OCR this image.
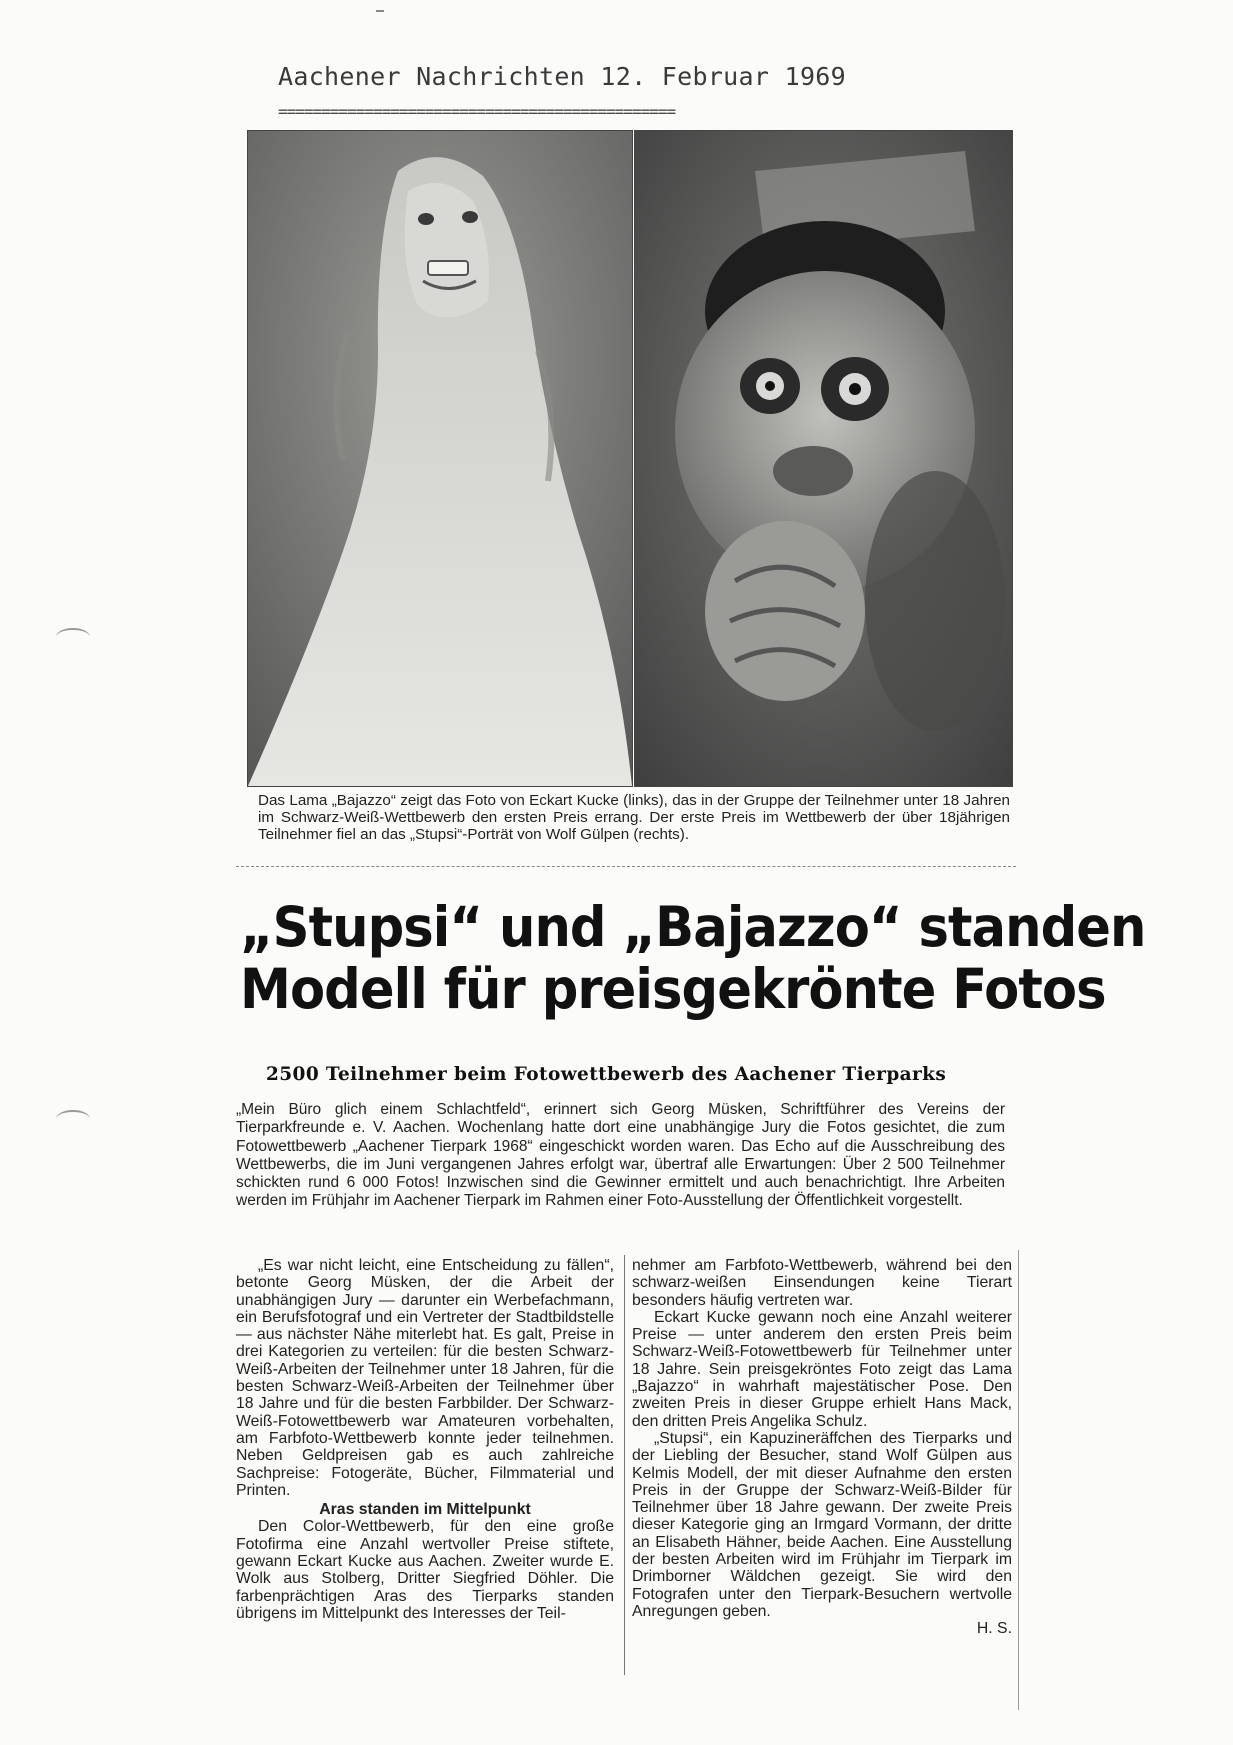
Aachener Nachrichten 12. Februar 1969
==============================================
Das Lama „Bajazzo“ zeigt das Foto von Eckart Kucke (links), das in der Gruppe der Teilnehmer unter 18 Jahren im Schwarz-Weiß-Wettbewerb den ersten Preis errang. Der erste Preis im Wettbewerb der über 18jährigen Teilnehmer fiel an das „Stupsi“-Porträt von Wolf Gülpen (rechts).
„Stupsi“ und „Bajazzo“ standen
Modell für preisgekrönte Fotos
2500 Teilnehmer beim Fotowettbewerb des Aachener Tierparks
„Mein Büro glich einem Schlachtfeld“, erinnert sich Georg Müsken, Schriftführer des Vereins der Tierparkfreunde e. V. Aachen. Wochenlang hatte dort eine unabhängige Jury die Fotos gesichtet, die zum Fotowettbewerb „Aachener Tierpark 1968“ eingeschickt worden waren. Das Echo auf die Ausschreibung des Wettbewerbs, die im Juni vergangenen Jahres erfolgt war, übertraf alle Erwartungen: Über 2 500 Teilnehmer schickten rund 6 000 Fotos! Inzwischen sind die Gewinner ermittelt und auch benachrichtigt. Ihre Arbeiten werden im Frühjahr im Aachener Tierpark im Rahmen einer Foto-Ausstellung der Öffentlichkeit vorgestellt.

„Es war nicht leicht, eine Entscheidung zu fällen“, betonte Georg Müsken, der die Arbeit der unabhängigen Jury — darunter ein Werbefachmann, ein Berufsfotograf und ein Vertreter der Stadtbildstelle — aus nächster Nähe miterlebt hat. Es galt, Preise in drei Kategorien zu verteilen: für die besten Schwarz-Weiß-Arbeiten der Teilnehmer unter 18 Jahren, für die besten Schwarz-Weiß-Arbeiten der Teilnehmer über 18 Jahre und für die besten Farbbilder. Der Schwarz-Weiß-Fotowettbewerb war Amateuren vorbehalten, am Farbfoto-Wettbewerb konnte jeder teilnehmen. Neben Geldpreisen gab es auch zahlreiche Sachpreise: Fotogeräte, Bücher, Filmmaterial und Printen.

Aras standen im Mittelpunkt

Den Color-Wettbewerb, für den eine große Fotofirma eine Anzahl wertvoller Preise stiftete, gewann Eckart Kucke aus Aachen. Zweiter wurde E. Wolk aus Stolberg, Dritter Siegfried Döhler. Die farbenprächtigen Aras des Tierparks standen übrigens im Mittelpunkt des Interesses der Teil-

nehmer am Farbfoto-Wettbewerb, während bei den schwarz-weißen Einsendungen keine Tierart besonders häufig vertreten war.

Eckart Kucke gewann noch eine Anzahl weiterer Preise — unter anderem den ersten Preis beim Schwarz-Weiß-Fotowettbewerb für Teilnehmer unter 18 Jahre. Sein preisgekröntes Foto zeigt das Lama „Bajazzo“ in wahrhaft majestätischer Pose. Den zweiten Preis in dieser Gruppe erhielt Hans Mack, den dritten Preis Angelika Schulz.

„Stupsi“, ein Kapuzineräffchen des Tierparks und der Liebling der Besucher, stand Wolf Gülpen aus Kelmis Modell, der mit dieser Aufnahme den ersten Preis in der Gruppe der Schwarz-Weiß-Bilder für Teilnehmer über 18 Jahre gewann. Der zweite Preis dieser Kategorie ging an Irmgard Vormann, der dritte an Elisabeth Hähner, beide Aachen. Eine Ausstellung der besten Arbeiten wird im Frühjahr im Tierpark im Drimborner Wäldchen gezeigt. Sie wird den Fotografen unter den Tierpark-Besuchern wertvolle Anregungen geben.

H. S.
